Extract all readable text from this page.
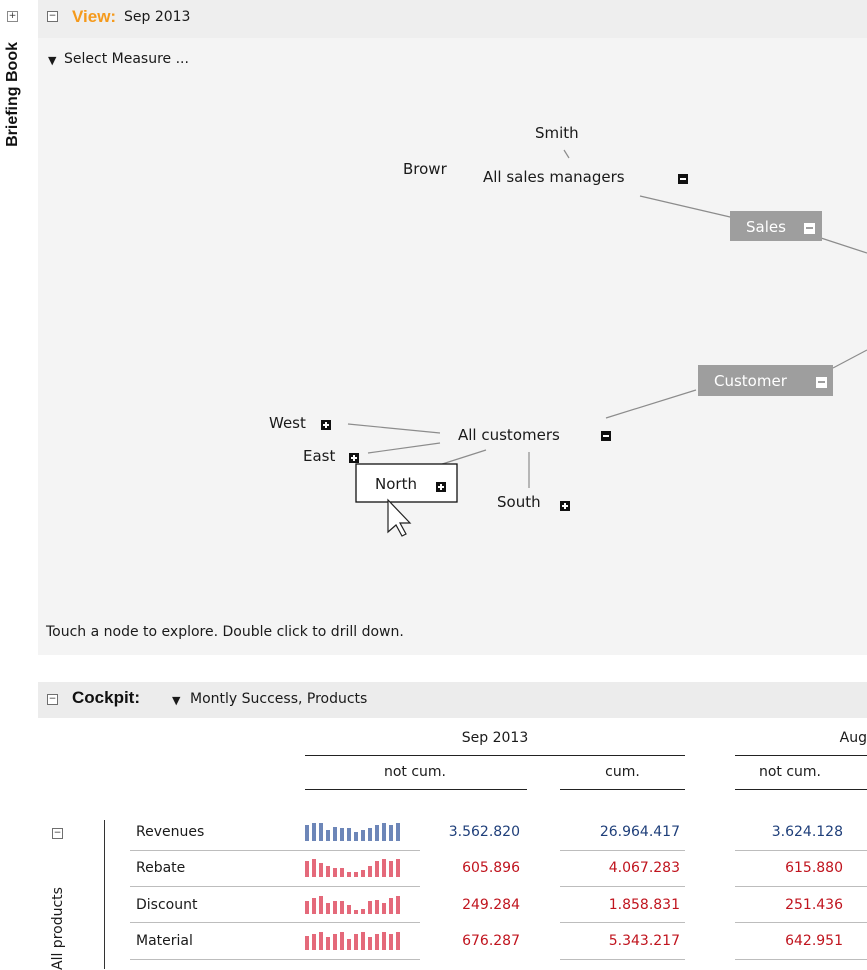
+
Briefing Book
− View: Sep 2013
▼ Select Measure ...
Smith
Browr All sales managers
Sales
Customer
All customers
West
East
North
South
Touch a node to explore. Double click to drill down.
− Cockpit:	▼ Montly Success, Products
Sep 2013	Aug
not cum.	cum.	not cum.
−
All products
Revenues	3.562.820	26.964.417	3.624.128
Rebate	605.896	4.067.283	615.880
Discount	249.284	1.858.831	251.436
Material	676.287	5.343.217	642.951
